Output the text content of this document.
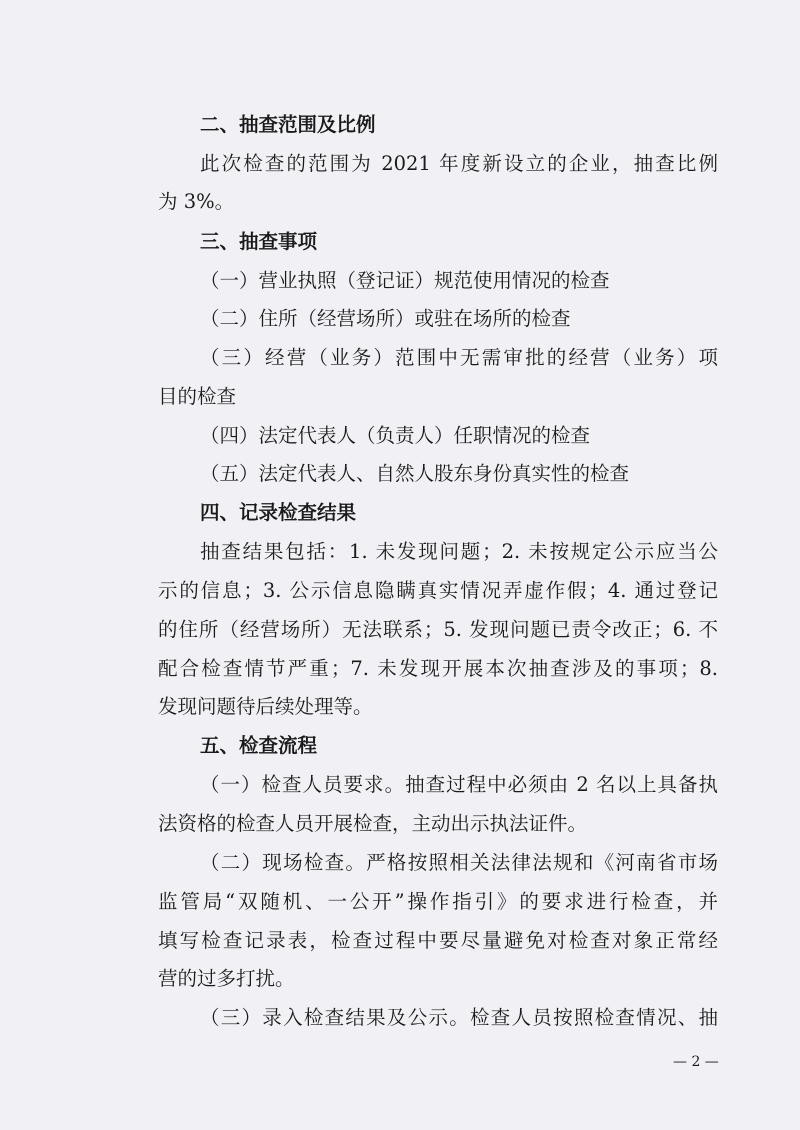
二、抽查范围及比例
此次检查的范围为 2021 年度新设立的企业，抽查比例
为 3%。
三、抽查事项
（一）营业执照（登记证）规范使用情况的检查
（二）住所（经营场所）或驻在场所的检查
（三）经营（业务）范围中无需审批的经营（业务）项
目的检查
（四）法定代表人（负责人）任职情况的检查
（五）法定代表人、自然人股东身份真实性的检查
四、记录检查结果
抽查结果包括：1. 未发现问题；2. 未按规定公示应当公
示的信息；3. 公示信息隐瞒真实情况弄虚作假；4. 通过登记
的住所（经营场所）无法联系；5. 发现问题已责令改正；6. 不
配合检查情节严重；7. 未发现开展本次抽查涉及的事项；8.
发现问题待后续处理等。
五、检查流程
（一）检查人员要求。抽查过程中必须由 2 名以上具备执
法资格的检查人员开展检查，主动出示执法证件。
（二）现场检查。严格按照相关法律法规和《河南省市场
监管局“双随机、一公开”操作指引》的要求进行检查，并
填写检查记录表，检查过程中要尽量避免对检查对象正常经
营的过多打扰。
（三）录入检查结果及公示。检查人员按照检查情况、抽
— 2 —
